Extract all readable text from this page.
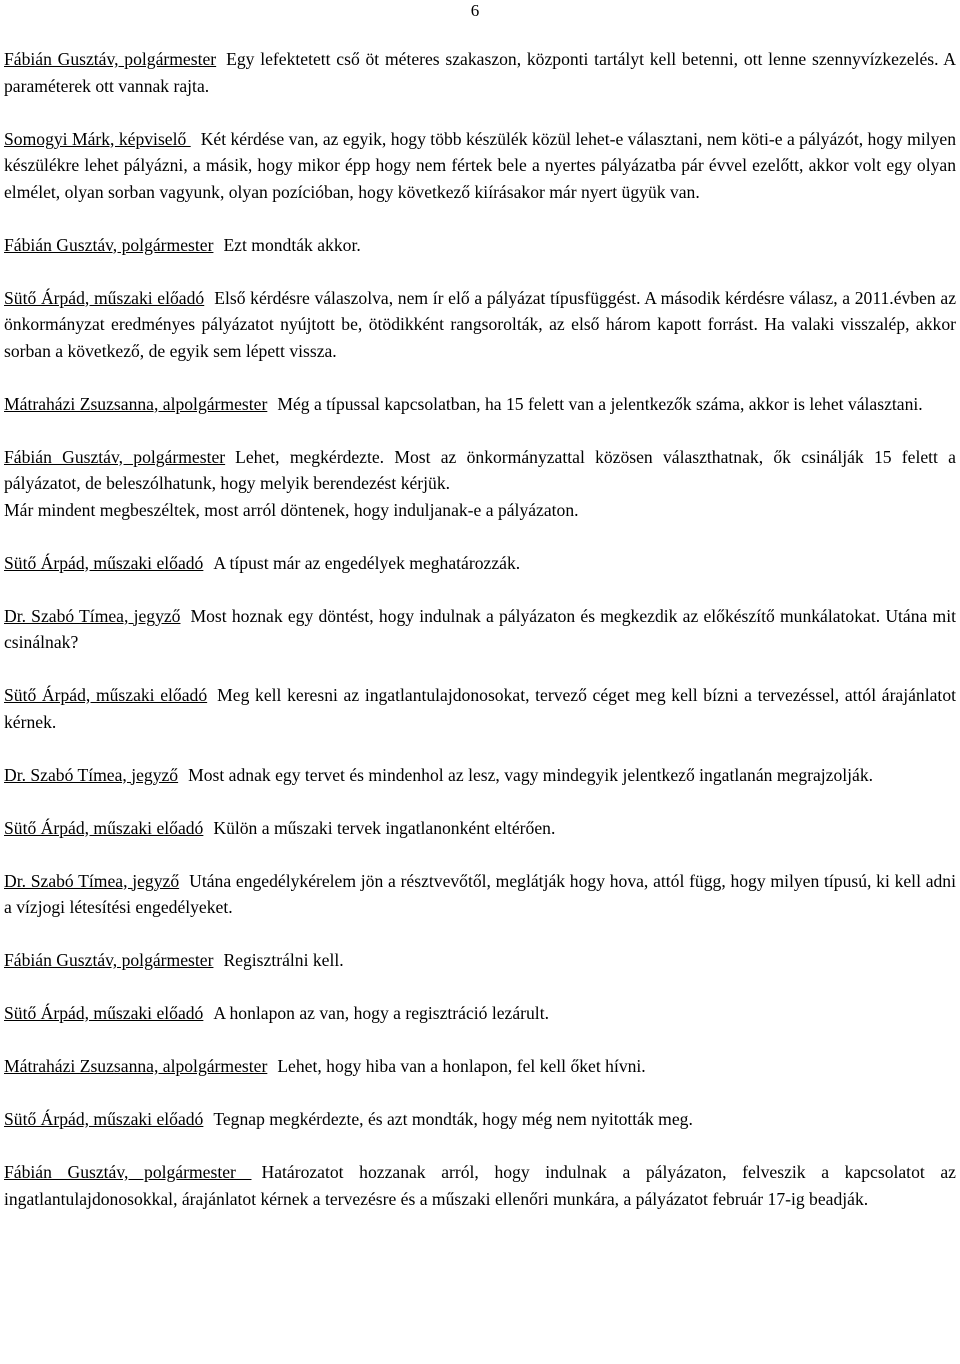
6

Fábián Gusztáv, polgármester Egy lefektetett cső öt méteres szakaszon, központi tartályt kell betenni, ott lenne szennyvízkezelés. A paraméterek ott vannak rajta.

Somogyi Márk, képviselő Két kérdése van, az egyik, hogy több készülék közül lehet-e választani, nem köti-e a pályázót, hogy milyen készülékre lehet pályázni, a másik, hogy mikor épp hogy nem fértek bele a nyertes pályázatba pár évvel ezelőtt, akkor volt egy olyan elmélet, olyan sorban vagyunk, olyan pozícióban, hogy következő kiírásakor már nyert ügyük van.

Fábián Gusztáv, polgármester Ezt mondták akkor.

Sütő Árpád, műszaki előadó Első kérdésre válaszolva, nem ír elő a pályázat típusfüggést. A második kérdésre válasz, a 2011.évben az önkormányzat eredményes pályázatot nyújtott be, ötödikként rangsorolták, az első három kapott forrást. Ha valaki visszalép, akkor sorban a következő, de egyik sem lépett vissza.

Mátraházi Zsuzsanna, alpolgármester Még a típussal kapcsolatban, ha 15 felett van a jelentkezők száma, akkor is lehet választani.

Fábián Gusztáv, polgármester Lehet, megkérdezte. Most az önkormányzattal közösen választhatnak, ők csinálják 15 felett a pályázatot, de beleszólhatunk, hogy melyik berendezést kérjük.
Már mindent megbeszéltek, most arról döntenek, hogy induljanak-e a pályázaton.

Sütő Árpád, műszaki előadó A típust már az engedélyek meghatározzák.

Dr. Szabó Tímea, jegyző Most hoznak egy döntést, hogy indulnak a pályázaton és megkezdik az előkészítő munkálatokat. Utána mit csinálnak?

Sütő Árpád, műszaki előadó Meg kell keresni az ingatlantulajdonosokat, tervező céget meg kell bízni a tervezéssel, attól árajánlatot kérnek.

Dr. Szabó Tímea, jegyző Most adnak egy tervet és mindenhol az lesz, vagy mindegyik jelentkező ingatlanán megrajzolják.

Sütő Árpád, műszaki előadó Külön a műszaki tervek ingatlanonként eltérően.

Dr. Szabó Tímea, jegyző Utána engedélykérelem jön a résztvevőtől, meglátják hogy hova, attól függ, hogy milyen típusú, ki kell adni a vízjogi létesítési engedélyeket.

Fábián Gusztáv, polgármester Regisztrálni kell.

Sütő Árpád, műszaki előadó A honlapon az van, hogy a regisztráció lezárult.

Mátraházi Zsuzsanna, alpolgármester Lehet, hogy hiba van a honlapon, fel kell őket hívni.

Sütő Árpád, műszaki előadó Tegnap megkérdezte, és azt mondták, hogy még nem nyitották meg.

Fábián Gusztáv, polgármester Határozatot hozzanak arról, hogy indulnak a pályázaton, felveszik a kapcsolatot az ingatlantulajdonosokkal, árajánlatot kérnek a tervezésre és a műszaki ellenőri munkára, a pályázatot február 17-ig beadják.
